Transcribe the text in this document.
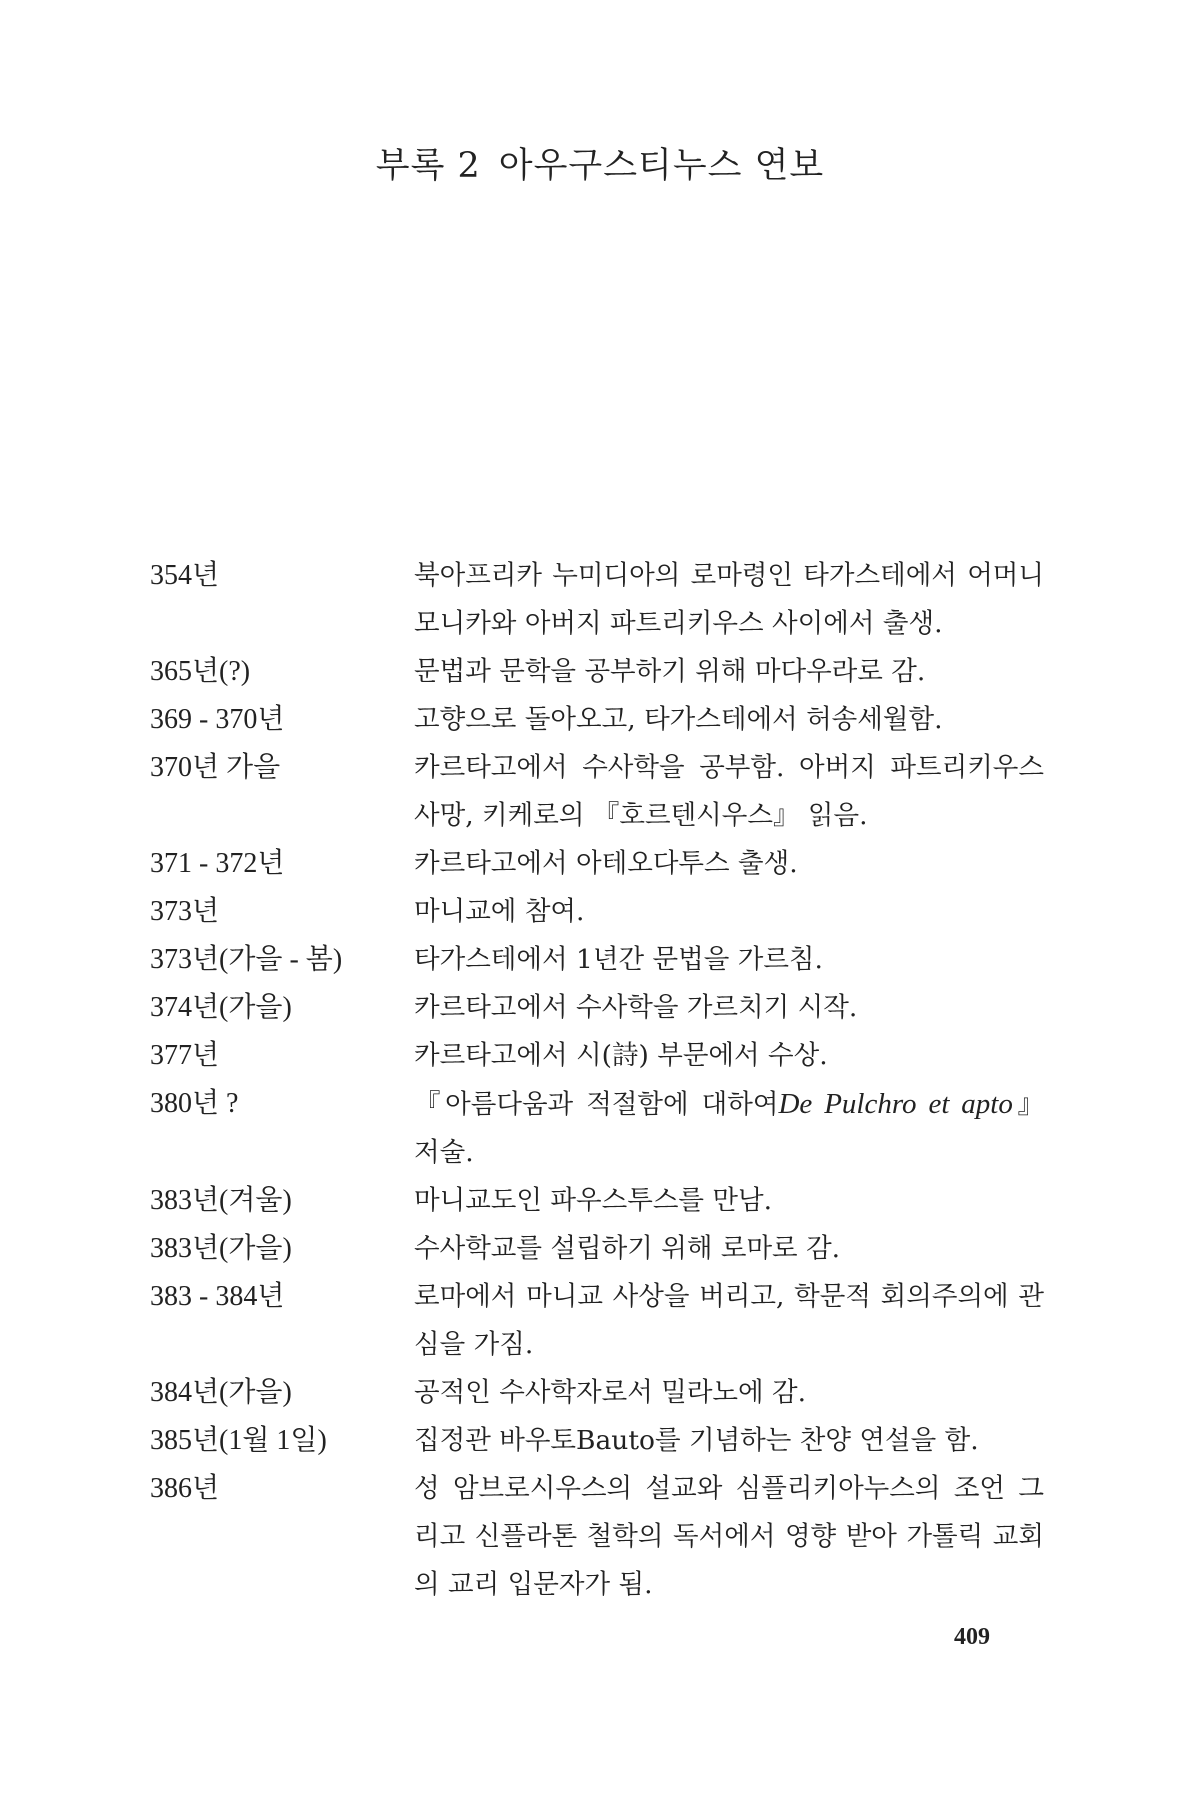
부록 2 아우구스티누스 연보
354년	북아프리카 누미디아의 로마령인 타가스테에서 어머니 모니카와 아버지 파트리키우스 사이에서 출생.
365년(?)	문법과 문학을 공부하기 위해 마다우라로 감.
369 - 370년	고향으로 돌아오고, 타가스테에서 허송세월함.
370년 가을	카르타고에서 수사학을 공부함. 아버지 파트리키우스 사망, 키케로의 『호르텐시우스』 읽음.
371 - 372년	카르타고에서 아테오다투스 출생.
373년	마니교에 참여.
373년(가을 - 봄)	타가스테에서 1년간 문법을 가르침.
374년(가을)	카르타고에서 수사학을 가르치기 시작.
377년	카르타고에서 시(詩) 부문에서 수상.
380년 ?	『아름다움과 적절함에 대하여De Pulchro et apto』 저술.
383년(겨울)	마니교도인 파우스투스를 만남.
383년(가을)	수사학교를 설립하기 위해 로마로 감.
383 - 384년	로마에서 마니교 사상을 버리고, 학문적 회의주의에 관심을 가짐.
384년(가을)	공적인 수사학자로서 밀라노에 감.
385년(1월 1일)	집정관 바우토Bauto를 기념하는 찬양 연설을 함.
386년	성 암브로시우스의 설교와 심플리키아누스의 조언 그리고 신플라톤 철학의 독서에서 영향 받아 가톨릭 교회의 교리 입문자가 됨.
409
